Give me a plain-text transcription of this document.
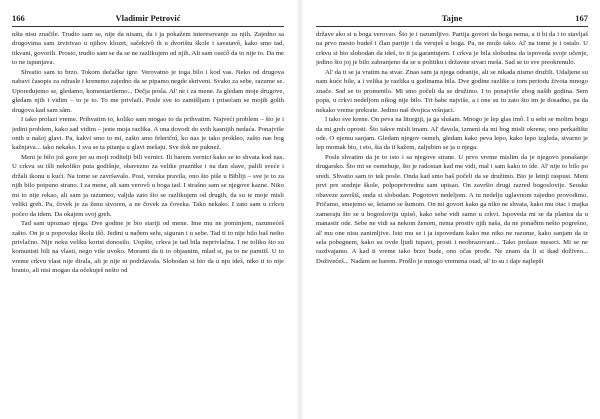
166	Vladimir Petrović

nšta nisu značile. Trudio sam se, nije da nisam, da i ja pokažem interesovanje za njih. Zajedno sa drugovima sam izvirivao u njihov klozet, sačekivô ih u dvorištu škole i savatavô, kako smo tad, tikvani, govorili. Prosto, trudio sam se da se ne razlikujem od njih. Ali sam osećô da to nije to. Da me to ne ispunjava.

Shvatio sam to brzo. Tokom dečačke igre. Verovatno je toga bilo i kod vas. Neko od drugova nabavi časopis za odrasle i krenemo zajedno da se pipamo negde skriveni. Svako za sebe, razume se. Upoređujemo se, gledamo, komentarišemo... Dečja posla. Al' ne i za mene. Ja gledam moje drugove, gledam njih i vidim – to je to. To me privlači. Posle sve to zamišljam i prisećam se mojih golih drugova kad sam sâm.

I tako prolazi vreme. Prihvatim to, koliko sam mogao to da prihvatim. Najveći problem – što je i jedini problem, kako sad vidim – jeste moja razlika. A ona dovodi do svih kasnijih nedaća. Ponajviše onih u našoj glavi. Pa, kakvi smo to mi, zašto smo feleričnî, ko nas je tako prokleo, zašto nas bog kažnjava... tako nekako. I sva se ta pitanja u glavi mešaju. Sve dok ne puknež.

Meni je bilo još gore jer su moji roditelji bili vernici. Ili barem vernici kako se to shvata kod nas. U crkvu su išli nekoliko puta godišnje, obavezno za velike praznike i na dan slave, palili sveće i držali ikonu u kući. Na tome se završavalo. Post, verska pravila, ono što piše u Bibliji – sve je to za njih bilo potpuno strano. I za mene, ali sam verovô u boga tad. I strašno sam se njegove kazne. Niko mi to nije rekao, ali sam ja razumeo, valjda zato što se razlikujem od drugih, da su te moje misli veliki greh. Pa, čovek je za ženu stvoren, a ne čovek za čoveka. Tako nekako. I zato sam u crkvu počeo da idem. Da okajem svoj greh.

Tad sam upoznao njega. Dve godine je bio stariji od mene. Ime mu ne pominjem, razumećeš zašto. On je u popovsku školu išô. Jedini u naðem selu, siguran i u sebe. Tad ti to nije bilo baš nešto privlačno. Nije neku veliku korist donosilo. Uopšte, crkva je tad bila neprivlačna. I ne toliko što su komunisti bili na vlasti, nego više uvoko. Morami da ti to objasnim, mlad si, pa to ne pamtiš. U to vreme crkvu vlast nije dirala, ali je nije ni podržavala. Slobodan si bio da u nju ideš, niko ti to nije branio, ali nisi mogao da očekuješ nešto od

Tajne	167

države ako si u boga verovao. Što je i razumljivo. Partija govori da boga nema, a ti bi da i to stavljaš na prvo mesto budeš i član partije i da veruješ u boga. Pa, ne može tako. Al' na tome je i ostalo. U crkvu si bio slobodan da ideš, to ti ja garantujem. I crkva je bila slobodna da ispoveda svoje učenje, jedino što joj je bilo zabranjeno da se u politiku i državne stvari meša. Sad se to sve preokrenulo.

Al' da ti se ja vratim na stvar. Znao sam ja njega odranije, ali se nikada nismo družili. Udaljene su nam kuće bile, a i velika je razlika u godinama bila. Dve godine razlike u tom periodu života mnogo znače. Sad se to promenilo. Mi smo počeli da se družimo. I to ponajviše zbog našib godina. Sem popa, u crkvi nedeljom nikog nije bilo. Tri babe najviše, a i one su tu zato što im je dosadno, pa da nekako vreme prekrate. Jedino naš dvojica vršnjaci.

I tako sve krene. On peva na liturgiji, ja ga slušam. Mnogo je lep glas imô. I u sebi se molim bogu da mi greh oprosti. Što takve misli imam. Al' đavola, izmeni da mi bog misli okrene, ono perkadište ode. O njemu sanjam. Gledam njegov osmeh, gledam kako peva lepo, kako lepo izgleda, stvarno je lep momak bio, i eto, šta da ti kažem, zaljubim se ja u njega.

Posle shvatim da je to isto i sa njegove strane. U prvo vreme mislim da je njegovo ponašanje drugarsko. Što mi se osmehuje, što je radostan kad me vidi, mal i sam kako to ide. Al' nije to bilo po sredi. Shvatio sam to tek posle. Onda kad smo baš počeli da se družimo. Bio je letnji raspust. Meni prvi pre srednje škole, polpoprivrednu sam upisao. On završio drugi razred bogoslovije. Seoske obaveze završiš, onda si slobodan. Pogotovo nedeljom. A tu nedelju uglavnom zajedno provodimo. Pričamo, smejemo se, šetamo se šumom. On mi govori kako ga niko ne shvata, kako mu otac i majka zameraju što se u bogosloviju upisô, kako sebe vidi samo u crkvi. Ispoveda mi se da planira da u manastir ode. Sebe ne vidi sa nekom ženom, nema prostiv njih naša, da ne ponaðim nešto pogrešno, al' mu one nisu zanimljive. Isto mu se i ja ispovedam kako me niko ne razume, kako sanjam da iz sela pobegnem, kako su ovde ljudi tupavi, prosti i neobrazovani... Tako prolaze meseci. Mi se ne razdvajamo. A kad ti vreme tako brzo bude, ono očas prođe. Ne znam da li si ikad doživeo... Doživećeš... Nadam se barem. Prošlo je mnogo vremena otad, al' to su i daje najlepši
